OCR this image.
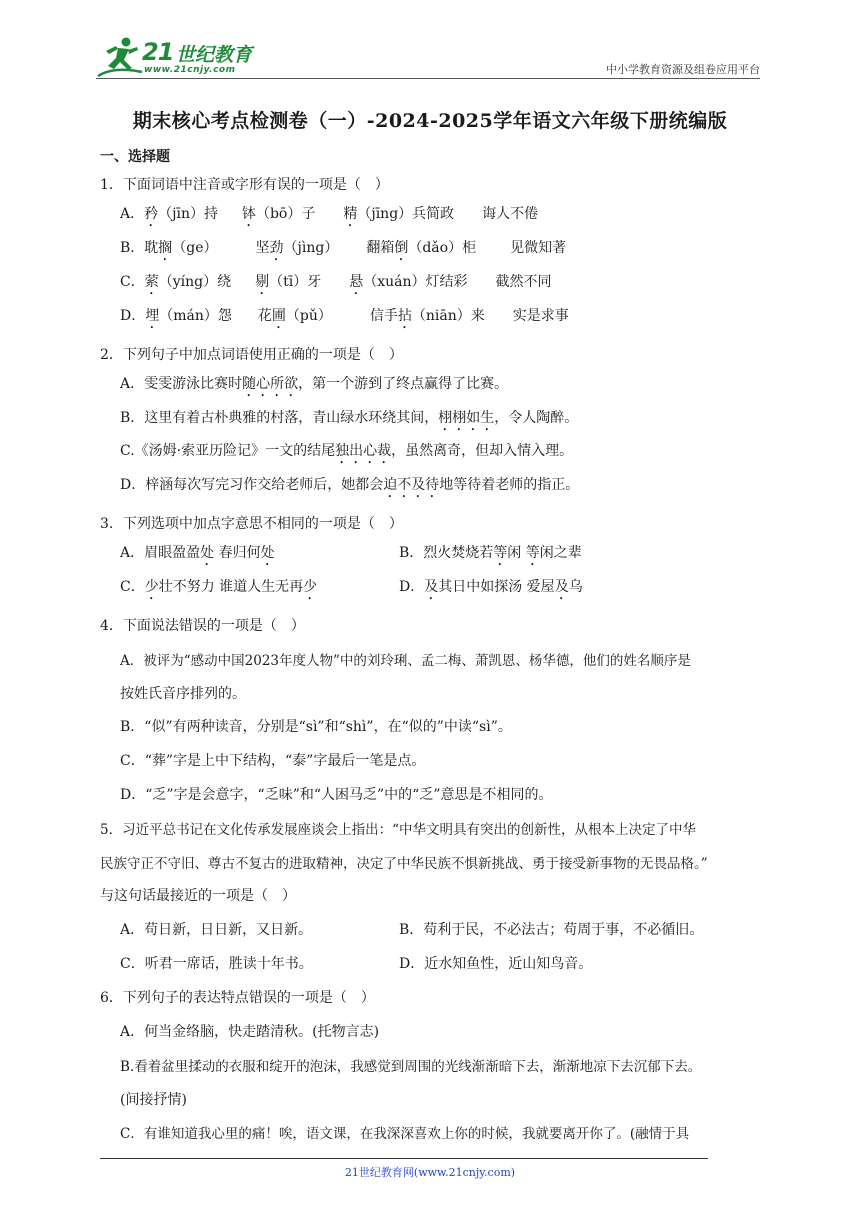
21 世纪教育
www.21cnjy.com	中小学教育资源及组卷应用平台
期末核心考点检测卷（一）-2024-2025学年语文六年级下册统编版
一、选择题
1．下面词语中注音或字形有误的一项是（　）
A．矜（jīn）持 钵（bō）子 精（jīng）兵简政 诲人不倦
B．耽搁（ge）	坚劲（jìng） 翻箱倒（dǎo）柜 见微知著
C．萦（yíng）绕 剔（tī）牙 悬（xuán）灯结彩 截然不同
D．埋（mán）怨 花圃（pǔ）	信手拈（niān）来 实是求事
2．下列句子中加点词语使用正确的一项是（　）
A．雯雯游泳比赛时随心所欲，第一个游到了终点赢得了比赛。
B．这里有着古朴典雅的村落，青山绿水环绕其间，栩栩如生，令人陶醉。
C.《汤姆·索亚历险记》一文的结尾独出心裁，虽然离奇，但却入情入理。
D．梓涵每次写完习作交给老师后，她都会迫不及待地等待着老师的指正。
3．下列选项中加点字意思不相同的一项是（　）
A．眉眼盈盈处 春归何处	B．烈火焚烧若等闲 等闲之辈
C．少壮不努力 谁道人生无再少	D．及其日中如探汤 爱屋及乌
4．下面说法错误的一项是（　）
A．被评为“感动中国2023年度人物”中的刘玲琍、孟二梅、萧凯恩、杨华德，他们的姓名顺序是
按姓氏音序排列的。
B．“似”有两种读音，分别是“sì”和“shì”，在“似的”中读“sì”。
C．“葬”字是上中下结构，“泰”字最后一笔是点。
D．“乏”字是会意字，“乏味”和“人困马乏”中的“乏”意思是不相同的。
5．习近平总书记在文化传承发展座谈会上指出：“中华文明具有突出的创新性，从根本上决定了中华
民族守正不守旧、尊古不复古的进取精神，决定了中华民族不惧新挑战、勇于接受新事物的无畏品格。”
与这句话最接近的一项是（　）
A．苟日新，日日新，又日新。	B．苟利于民，不必法古；苟周于事，不必循旧。
C．听君一席话，胜读十年书。	D．近水知鱼性，近山知鸟音。
6．下列句子的表达特点错误的一项是（　）
A．何当金络脑，快走踏清秋。(托物言志)
B.看着盆里揉动的衣服和绽开的泡沫，我感觉到周围的光线渐渐暗下去，渐渐地凉下去沉郁下去。
(间接抒情)
C．有谁知道我心里的痛！唉，语文课，在我深深喜欢上你的时候，我就要离开你了。(融情于具
21世纪教育网(www.21cnjy.com)
